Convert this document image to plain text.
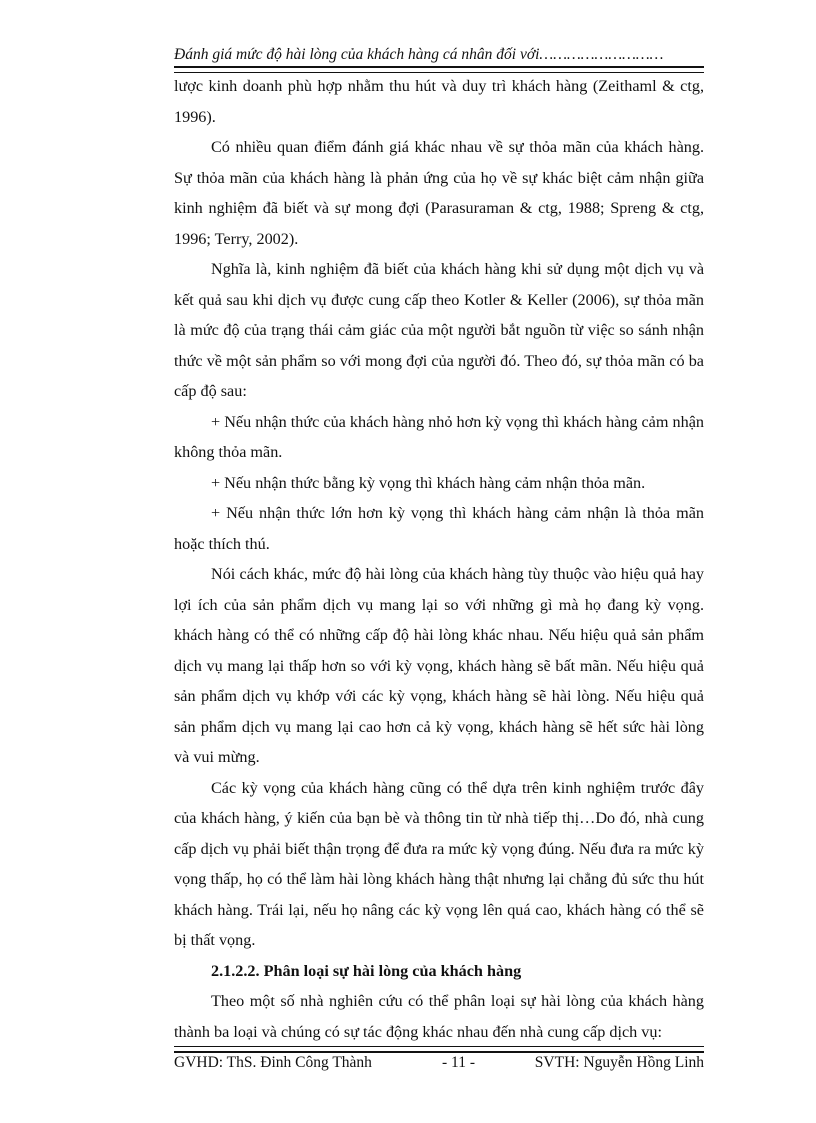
Đánh giá mức độ hài lòng của khách hàng cá nhân đối với………………………

lược kinh doanh phù hợp nhằm thu hút và duy trì khách hàng (Zeithaml & ctg, 1996).

Có nhiều quan điểm đánh giá khác nhau về sự thỏa mãn của khách hàng. Sự thỏa mãn của khách hàng là phản ứng của họ về sự khác biệt cảm nhận giữa kinh nghiệm đã biết và sự mong đợi (Parasuraman & ctg, 1988; Spreng & ctg, 1996; Terry, 2002).

Nghĩa là, kinh nghiệm đã biết của khách hàng khi sử dụng một dịch vụ và kết quả sau khi dịch vụ được cung cấp theo Kotler & Keller (2006), sự thỏa mãn là mức độ của trạng thái cảm giác của một người bắt nguồn từ việc so sánh nhận thức về một sản phẩm so với mong đợi của người đó. Theo đó, sự thỏa mãn có ba cấp độ sau:

+ Nếu nhận thức của khách hàng nhỏ hơn kỳ vọng thì khách hàng cảm nhận không thỏa mãn.

+ Nếu nhận thức bằng kỳ vọng thì khách hàng cảm nhận thỏa mãn.

+ Nếu nhận thức lớn hơn kỳ vọng thì khách hàng cảm nhận là thỏa mãn hoặc thích thú.

Nói cách khác, mức độ hài lòng của khách hàng tùy thuộc vào hiệu quả hay lợi ích của sản phẩm dịch vụ mang lại so với những gì mà họ đang kỳ vọng. khách hàng có thể có những cấp độ hài lòng khác nhau. Nếu hiệu quả sản phẩm dịch vụ mang lại thấp hơn so với kỳ vọng, khách hàng sẽ bất mãn. Nếu hiệu quả sản phẩm dịch vụ khớp với các kỳ vọng, khách hàng sẽ hài lòng. Nếu hiệu quả sản phẩm dịch vụ mang lại cao hơn cả kỳ vọng, khách hàng sẽ hết sức hài lòng và vui mừng.

Các kỳ vọng của khách hàng cũng có thể dựa trên kinh nghiệm trước đây của khách hàng, ý kiến của bạn bè và thông tin từ nhà tiếp thị…Do đó, nhà cung cấp dịch vụ phải biết thận trọng để đưa ra mức kỳ vọng đúng. Nếu đưa ra mức kỳ vọng thấp, họ có thể làm hài lòng khách hàng thật nhưng lại chẳng đủ sức thu hút khách hàng. Trái lại, nếu họ nâng các kỳ vọng lên quá cao, khách hàng có thể sẽ bị thất vọng.

2.1.2.2. Phân loại sự hài lòng của khách hàng

Theo một số nhà nghiên cứu có thể phân loại sự hài lòng của khách hàng thành ba loại và chúng có sự tác động khác nhau đến nhà cung cấp dịch vụ:

GVHD: ThS. Đinh Công Thành	- 11 -	SVTH: Nguyễn Hồng Linh
